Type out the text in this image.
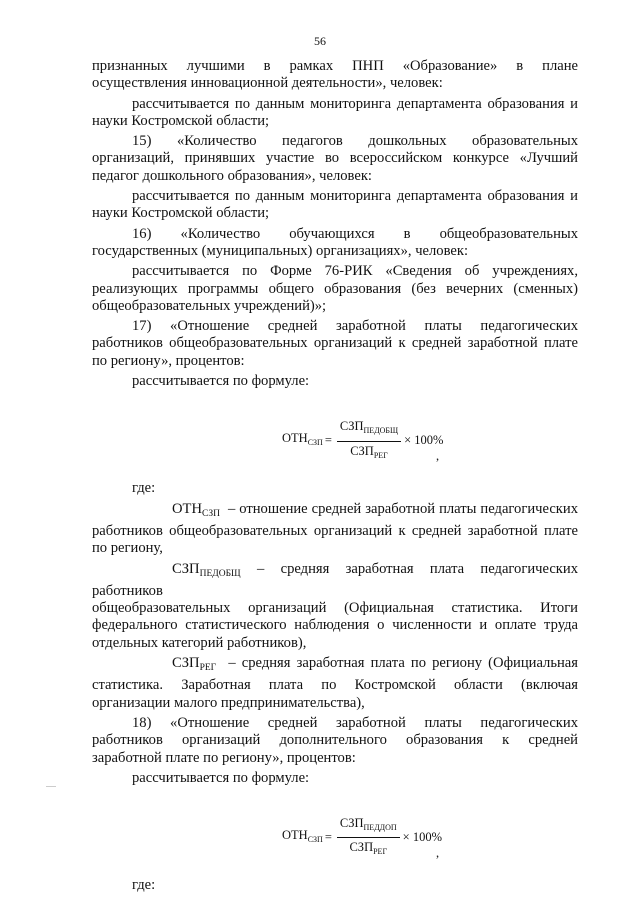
56

признанных лучшими в рамках ПНП «Образование» в плане

осуществления инновационной деятельности», человек:

рассчитывается по данным мониторинга департамента образования и

науки Костромской области;

15) «Количество педагогов дошкольных образовательных

организаций, принявших участие во всероссийском конкурсе «Лучший

педагог дошкольного образования», человек:

рассчитывается по данным мониторинга департамента образования и

науки Костромской области;

16) «Количество обучающихся в общеобразовательных

государственных (муниципальных) организациях», человек:

рассчитывается по Форме 76-РИК «Сведения об учреждениях,

реализующих программы общего образования (без вечерних (сменных)

общеобразовательных учреждений)»;

17) «Отношение средней заработной платы педагогических

работников общеобразовательных организаций к средней заработной плате

по региону», процентов:

рассчитывается по формуле:

$ОТН_{СЗП} = \frac{СЗП_{ПЕДОБЩ}}{СЗП_{РЕГ}} \times 100\%$
,

где:

$ОТН_{СЗП}$ – отношение средней заработной платы педагогических

работников общеобразовательных организаций к средней заработной плате

по региону,

$СЗП_{ПЕДОБЩ}$ – средняя заработная плата педагогических работников

общеобразовательных организаций (Официальная статистика. Итоги

федерального статистического наблюдения о численности и оплате труда

отдельных категорий работников),

$СЗП_{РЕГ}$ – средняя заработная плата по региону (Официальная

статистика. Заработная плата по Костромской области (включая

организации малого предпринимательства),

18) «Отношение средней заработной платы педагогических

работников организаций дополнительного образования к средней

заработной плате по региону», процентов:

рассчитывается по формуле:

$ОТН_{СЗП} = \frac{СЗП_{ПЕДДОП}}{СЗП_{РЕГ}} \times 100\%$
,

где:
